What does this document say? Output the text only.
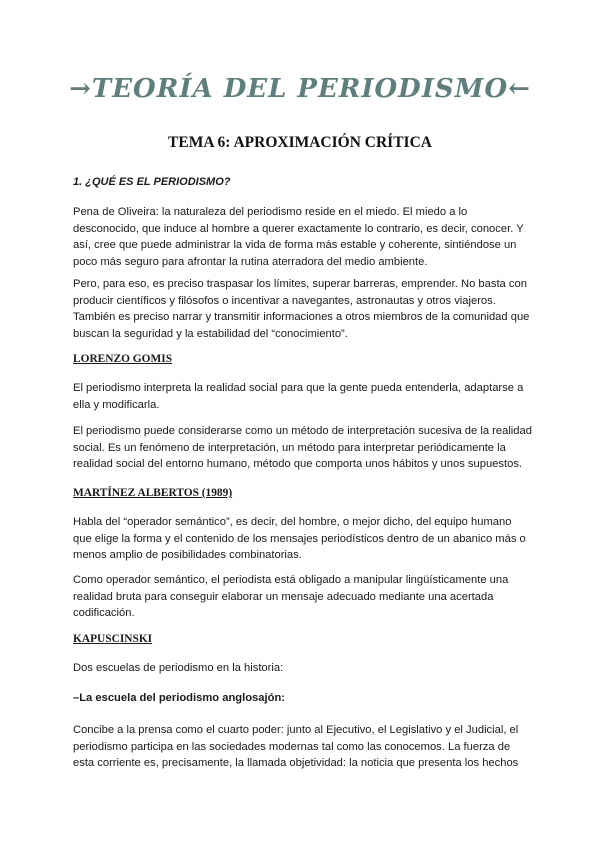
→TEORÍA DEL PERIODISMO←
TEMA 6: APROXIMACIÓN CRÍTICA

1. ¿QUÉ ES EL PERIODISMO?

Pena de Oliveira: la naturaleza del periodismo reside en el miedo. El miedo a lo desconocido, que induce al hombre a querer exactamente lo contrario, es decir, conocer. Y así, cree que puede administrar la vida de forma más estable y coherente, sintiéndose un poco más seguro para afrontar la rutina aterradora del medio ambiente.

Pero, para eso, es preciso traspasar los límites, superar barreras, emprender. No basta con producir científicos y filósofos o incentivar a navegantes, astronautas y otros viajeros. También es preciso narrar y transmitir informaciones a otros miembros de la comunidad que buscan la seguridad y la estabilidad del “conocimiento”.

LORENZO GOMIS

El periodismo interpreta la realidad social para que la gente pueda entenderla, adaptarse a ella y modificarla.

El periodismo puede considerarse como un método de interpretación sucesiva de la realidad social. Es un fenómeno de interpretación, un método para interpretar periódicamente la realidad social del entorno humano, método que comporta unos hábitos y unos supuestos.

MARTÍNEZ ALBERTOS (1989)

Habla del “operador semántico”, es decir, del hombre, o mejor dicho, del equipo humano que elige la forma y el contenido de los mensajes periodísticos dentro de un abanico más o menos amplio de posibilidades combinatorias.

Como operador semántico, el periodista está obligado a manipular lingüísticamente una realidad bruta para conseguir elaborar un mensaje adecuado mediante una acertada codificación.

KAPUSCINSKI

Dos escuelas de periodismo en la historia:

–La escuela del periodismo anglosajón:

Concibe a la prensa como el cuarto poder: junto al Ejecutivo, el Legislativo y el Judicial, el periodismo participa en las sociedades modernas tal como las conocemos. La fuerza de esta corriente es, precisamente, la llamada objetividad: la noticia que presenta los hechos
